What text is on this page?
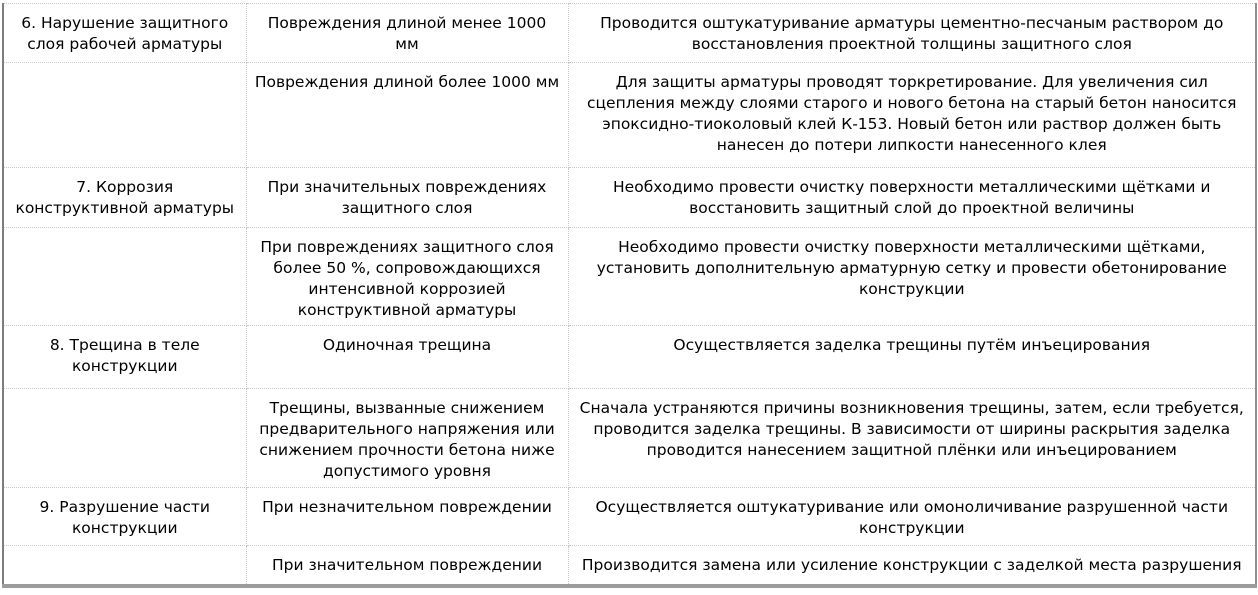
6. Нарушение защитного слоя рабочей арматуры	Повреждения длиной менее 1000 мм	Проводится оштукатуривание арматуры цементно-песчаным раствором до восстановления проектной толщины защитного слоя
	Повреждения длиной более 1000 мм	Для защиты арматуры проводят торкретирование. Для увеличения сил сцепления между слоями старого и нового бетона на старый бетон наносится эпоксидно-тиоколовый клей К-153. Новый бетон или раствор должен быть нанесен до потери липкости нанесенного клея
7. Коррозия конструктивной арматуры	При значительных повреждениях защитного слоя	Необходимо провести очистку поверхности металлическими щётками и восстановить защитный слой до проектной величины
	При повреждениях защитного слоя более 50 %, сопровождающихся интенсивной коррозией конструктивной арматуры	Необходимо провести очистку поверхности металлическими щётками, установить дополнительную арматурную сетку и провести обетонирование конструкции
8. Трещина в теле конструкции	Одиночная трещина	Осуществляется заделка трещины путём инъецирования
	Трещины, вызванные снижением предварительного напряжения или снижением прочности бетона ниже допустимого уровня	Сначала устраняются причины возникновения трещины, затем, если требуется, проводится заделка трещины. В зависимости от ширины раскрытия заделка проводится нанесением защитной плёнки или инъецированием
9. Разрушение части конструкции	При незначительном повреждении	Осуществляется оштукатуривание или омоноличивание разрушенной части конструкции
	При значительном повреждении	Производится замена или усиление конструкции с заделкой места разрушения
